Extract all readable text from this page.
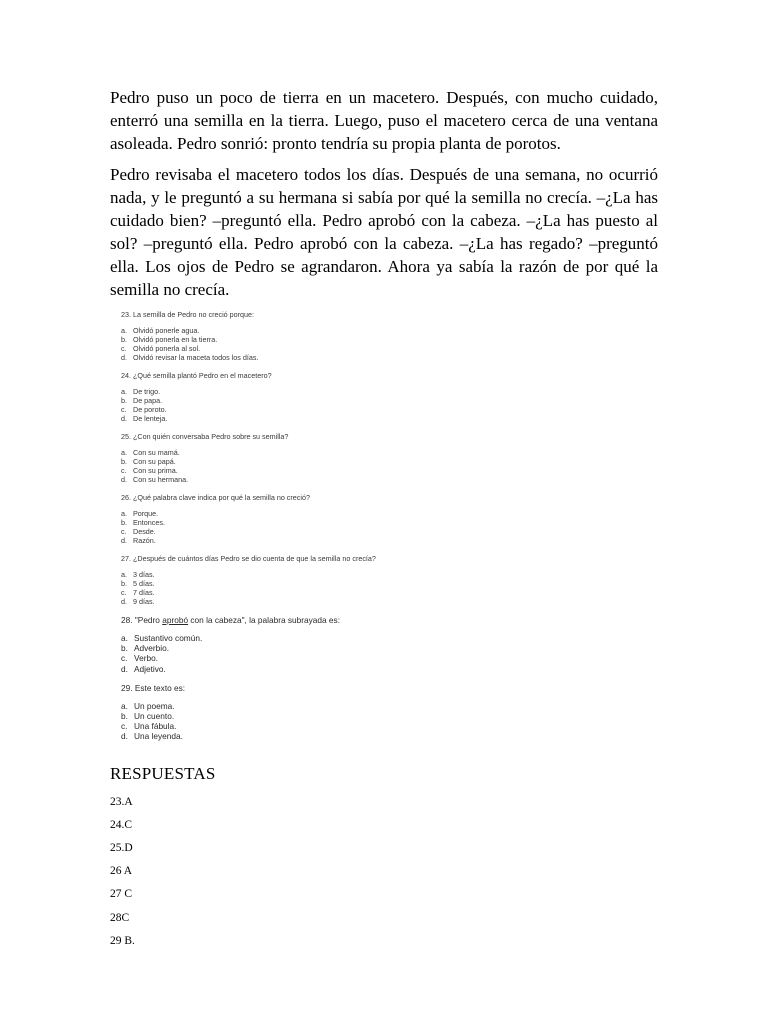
Pedro puso un poco de tierra en un macetero. Después, con mucho cuidado, enterró una semilla en la tierra. Luego, puso el macetero cerca de una ventana asoleada. Pedro sonrió: pronto tendría su propia planta de porotos.

Pedro revisaba el macetero todos los días. Después de una semana, no ocurrió nada, y le preguntó a su hermana si sabía por qué la semilla no crecía. –¿La has cuidado bien? –preguntó ella. Pedro aprobó con la cabeza. –¿La has puesto al sol? –preguntó ella. Pedro aprobó con la cabeza. –¿La has regado? –preguntó ella. Los ojos de Pedro se agrandaron. Ahora ya sabía la razón de por qué la semilla no crecía.

23. La semilla de Pedro no creció porque:

a. Olvidó ponerle agua.
b. Olvidó ponerla en la tierra.
c. Olvidó ponerla al sol.
d. Olvidó revisar la maceta todos los días.

24. ¿Qué semilla plantó Pedro en el macetero?

a. De trigo.
b. De papa.
c. De poroto.
d. De lenteja.

25. ¿Con quién conversaba Pedro sobre su semilla?

a. Con su mamá.
b. Con su papá.
c. Con su prima.
d. Con su hermana.

26. ¿Qué palabra clave indica por qué la semilla no creció?

a. Porque.
b. Entonces.
c. Desde.
d. Razón.

27. ¿Después de cuántos días Pedro se dio cuenta de que la semilla no crecía?

a. 3 días.
b. 5 días.
c. 7 días.
d. 9 días.

28. "Pedro aprobó con la cabeza", la palabra subrayada es:

a. Sustantivo común.
b. Adverbio.
c. Verbo.
d. Adjetivo.

29. Este texto es:

a. Un poema.
b. Un cuento.
c. Una fábula.
d. Una leyenda.
RESPUESTAS

23.A

24.C

25.D

26 A

27 C

28C

29 B.
